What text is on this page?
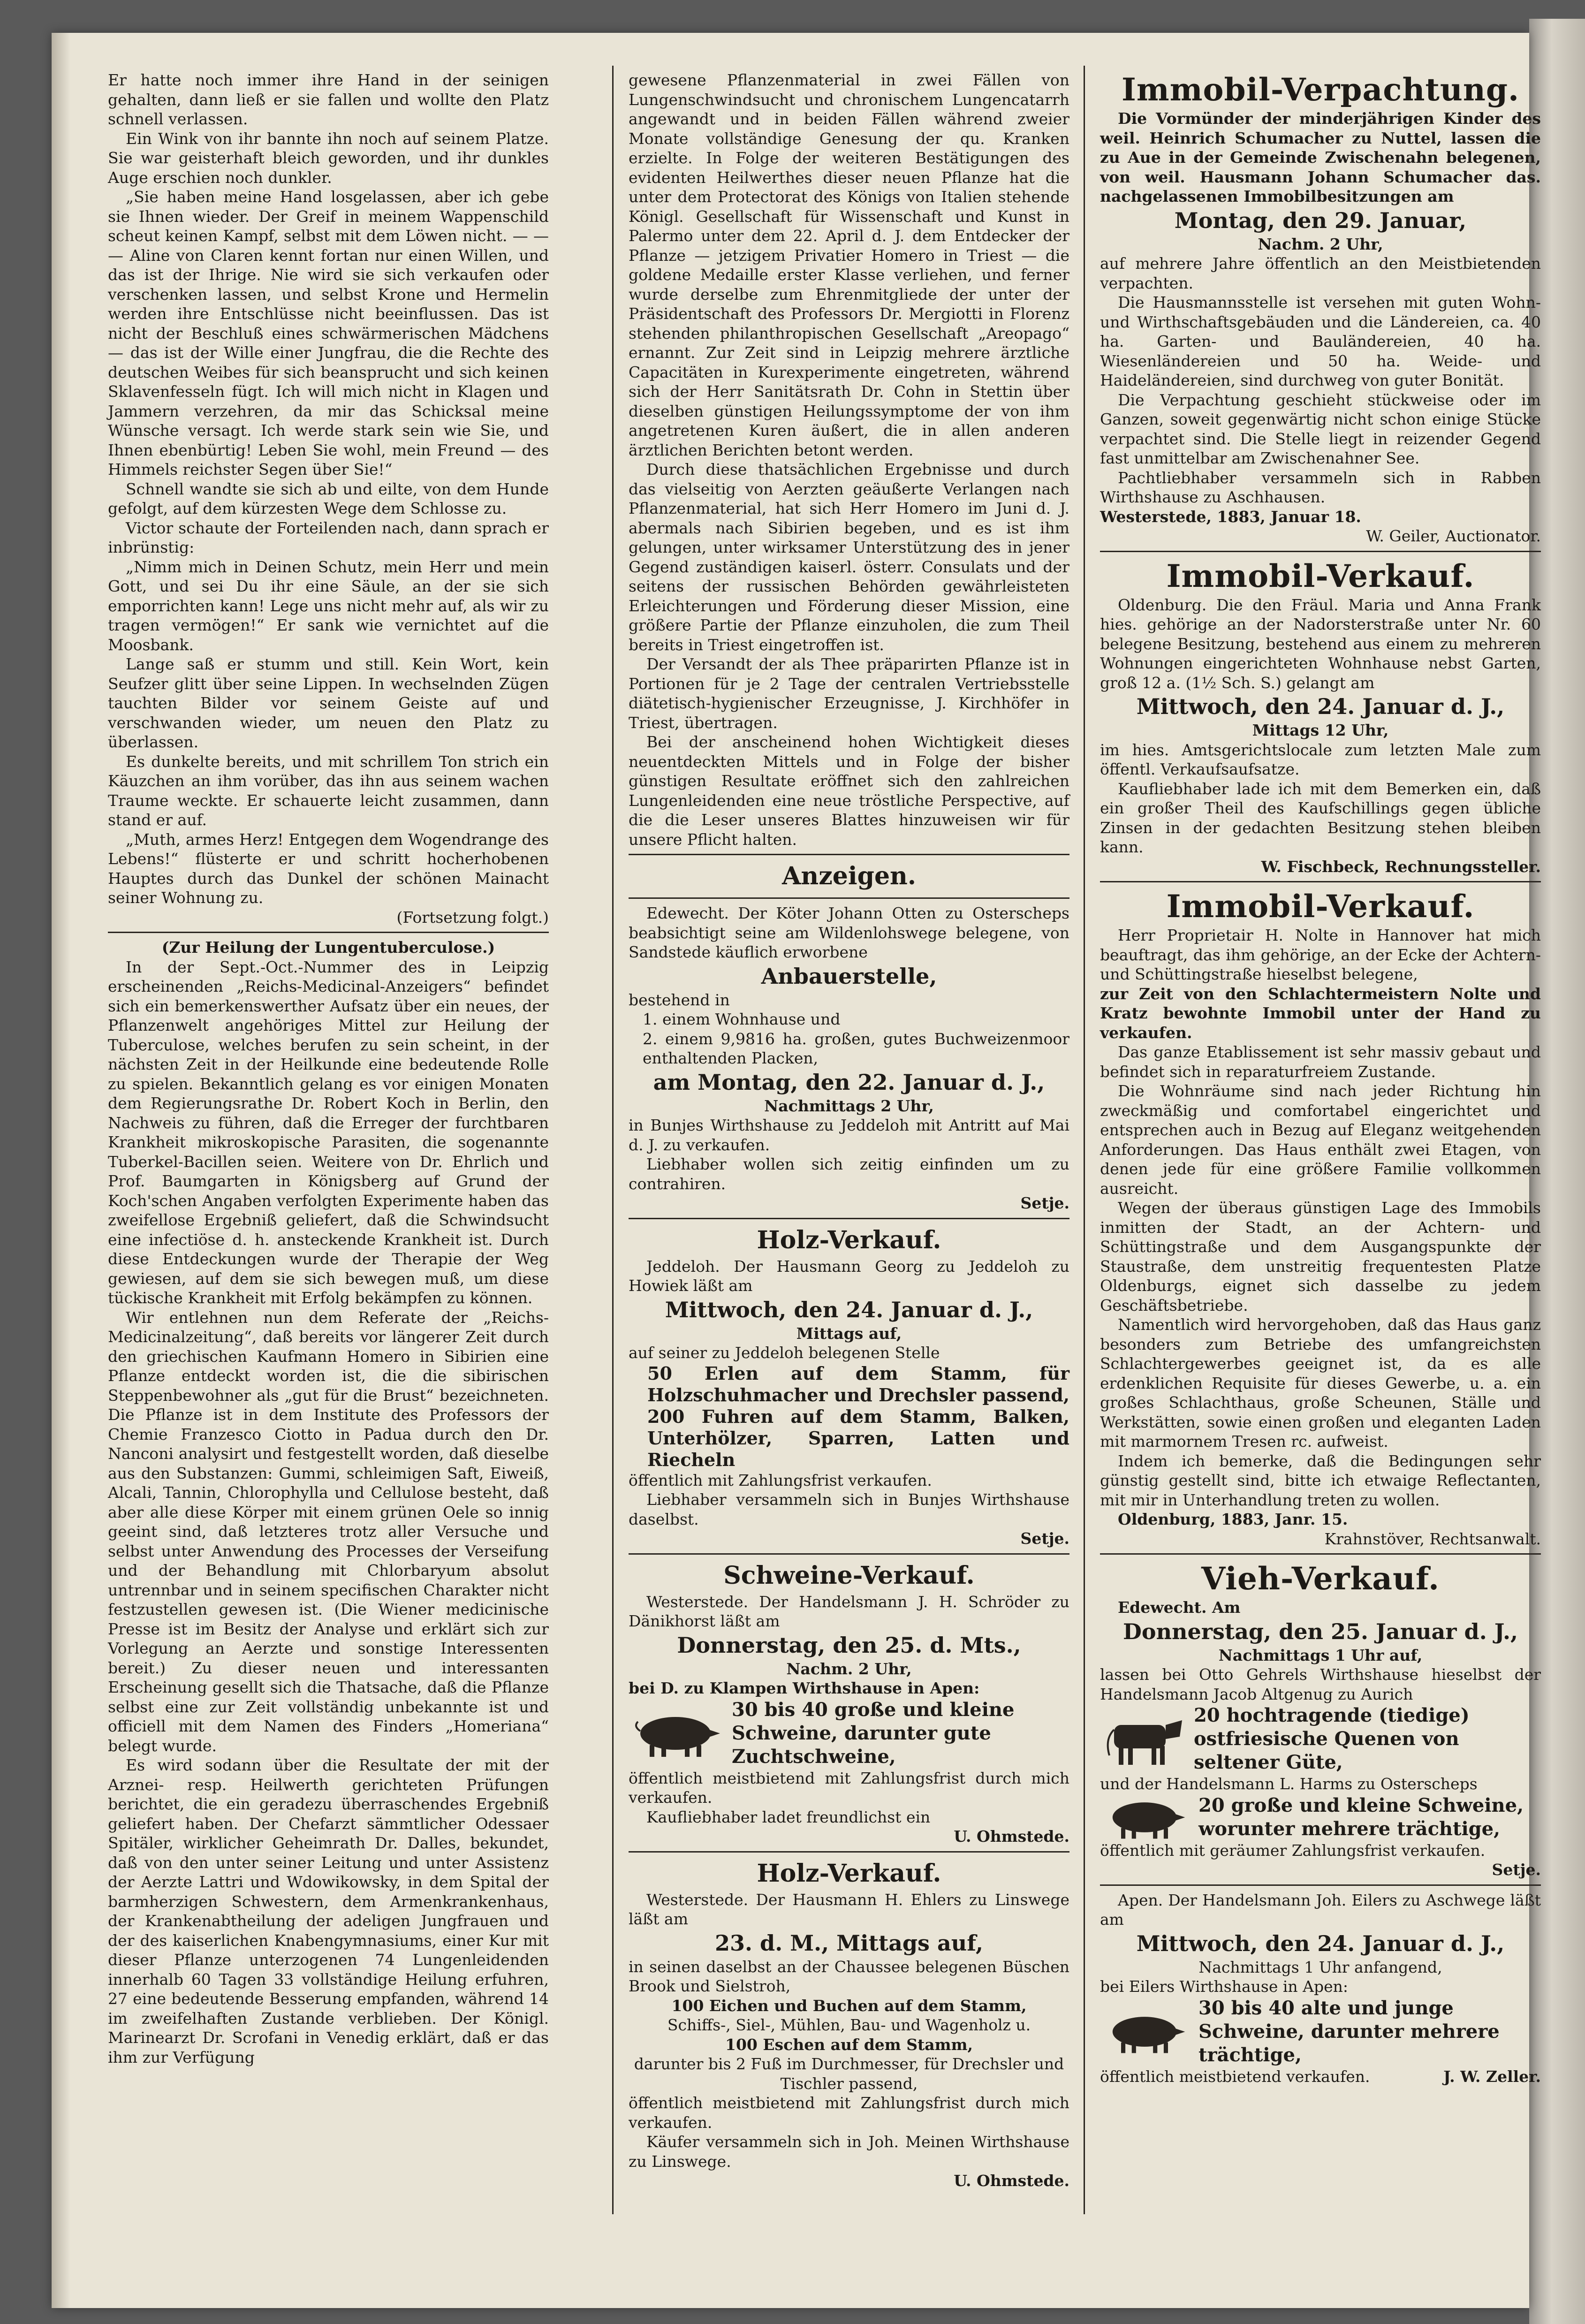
Er hatte noch immer ihre Hand in der seinigen gehalten, dann ließ er sie fallen und wollte den Platz schnell verlassen.

Ein Wink von ihr bannte ihn noch auf seinem Platze. Sie war geisterhaft bleich geworden, und ihr dunkles Auge erschien noch dunkler.

„Sie haben meine Hand losgelassen, aber ich gebe sie Ihnen wieder. Der Greif in meinem Wappenschild scheut keinen Kampf, selbst mit dem Löwen nicht. — — — Aline von Claren kennt fortan nur einen Willen, und das ist der Ihrige. Nie wird sie sich verkaufen oder verschenken lassen, und selbst Krone und Hermelin werden ihre Entschlüsse nicht beeinflussen. Das ist nicht der Beschluß eines schwärmerischen Mädchens — das ist der Wille einer Jungfrau, die die Rechte des deutschen Weibes für sich beansprucht und sich keinen Sklavenfesseln fügt. Ich will mich nicht in Klagen und Jammern verzehren, da mir das Schicksal meine Wünsche versagt. Ich werde stark sein wie Sie, und Ihnen ebenbürtig! Leben Sie wohl, mein Freund — des Himmels reichster Segen über Sie!“

Schnell wandte sie sich ab und eilte, von dem Hunde gefolgt, auf dem kürzesten Wege dem Schlosse zu.

Victor schaute der Forteilenden nach, dann sprach er inbrünstig:

„Nimm mich in Deinen Schutz, mein Herr und mein Gott, und sei Du ihr eine Säule, an der sie sich emporrichten kann! Lege uns nicht mehr auf, als wir zu tragen vermögen!“ Er sank wie vernichtet auf die Moosbank.

Lange saß er stumm und still. Kein Wort, kein Seufzer glitt über seine Lippen. In wechselnden Zügen tauchten Bilder vor seinem Geiste auf und verschwanden wieder, um neuen den Platz zu überlassen.

Es dunkelte bereits, und mit schrillem Ton strich ein Käuzchen an ihm vorüber, das ihn aus seinem wachen Traume weckte. Er schauerte leicht zusammen, dann stand er auf.

„Muth, armes Herz! Entgegen dem Wogendrange des Lebens!“ flüsterte er und schritt hocherhobenen Hauptes durch das Dunkel der schönen Mainacht seiner Wohnung zu.

(Fortsetzung folgt.)

(Zur Heilung der Lungentuberculose.)

In der Sept.-Oct.-Nummer des in Leipzig erscheinenden „Reichs-Medicinal-Anzeigers“ befindet sich ein bemerkenswerther Aufsatz über ein neues, der Pflanzenwelt angehöriges Mittel zur Heilung der Tuberculose, welches berufen zu sein scheint, in der nächsten Zeit in der Heilkunde eine bedeutende Rolle zu spielen. Bekanntlich gelang es vor einigen Monaten dem Regierungsrathe Dr. Robert Koch in Berlin, den Nachweis zu führen, daß die Erreger der furchtbaren Krankheit mikroskopische Parasiten, die sogenannte Tuberkel-Bacillen seien. Weitere von Dr. Ehrlich und Prof. Baumgarten in Königsberg auf Grund der Koch'schen Angaben verfolgten Experimente haben das zweifellose Ergebniß geliefert, daß die Schwindsucht eine infectiöse d. h. ansteckende Krankheit ist. Durch diese Entdeckungen wurde der Therapie der Weg gewiesen, auf dem sie sich bewegen muß, um diese tückische Krankheit mit Erfolg bekämpfen zu können.

Wir entlehnen nun dem Referate der „Reichs-Medicinalzeitung“, daß bereits vor längerer Zeit durch den griechischen Kaufmann Homero in Sibirien eine Pflanze entdeckt worden ist, die die sibirischen Steppenbewohner als „gut für die Brust“ bezeichneten. Die Pflanze ist in dem Institute des Professors der Chemie Franzesco Ciotto in Padua durch den Dr. Nanconi analysirt und festgestellt worden, daß dieselbe aus den Substanzen: Gummi, schleimigen Saft, Eiweiß, Alcali, Tannin, Chlorophylla und Cellulose besteht, daß aber alle diese Körper mit einem grünen Oele so innig geeint sind, daß letzteres trotz aller Versuche und selbst unter Anwendung des Processes der Verseifung und der Behandlung mit Chlorbaryum absolut untrennbar und in seinem specifischen Charakter nicht festzustellen gewesen ist. (Die Wiener medicinische Presse ist im Besitz der Analyse und erklärt sich zur Vorlegung an Aerzte und sonstige Interessenten bereit.) Zu dieser neuen und interessanten Erscheinung gesellt sich die Thatsache, daß die Pflanze selbst eine zur Zeit vollständig unbekannte ist und officiell mit dem Namen des Finders „Homeriana“ belegt wurde.

Es wird sodann über die Resultate der mit der Arznei- resp. Heilwerth gerichteten Prüfungen berichtet, die ein geradezu überraschendes Ergebniß geliefert haben. Der Chefarzt sämmtlicher Odessaer Spitäler, wirklicher Geheimrath Dr. Dalles, bekundet, daß von den unter seiner Leitung und unter Assistenz der Aerzte Lattri und Wdowikowsky, in dem Spital der barmherzigen Schwestern, dem Armenkrankenhaus, der Krankenabtheilung der adeligen Jungfrauen und der des kaiserlichen Knabengymnasiums, einer Kur mit dieser Pflanze unterzogenen 74 Lungenleidenden innerhalb 60 Tagen 33 vollständige Heilung erfuhren, 27 eine bedeutende Besserung empfanden, während 14 im zweifelhaften Zustande verblieben. Der Königl. Marinearzt Dr. Scrofani in Venedig erklärt, daß er das ihm zur Verfügung

gewesene Pflanzenmaterial in zwei Fällen von Lungenschwindsucht und chronischem Lungencatarrh angewandt und in beiden Fällen während zweier Monate vollständige Genesung der qu. Kranken erzielte. In Folge der weiteren Bestätigungen des evidenten Heilwerthes dieser neuen Pflanze hat die unter dem Protectorat des Königs von Italien stehende Königl. Gesellschaft für Wissenschaft und Kunst in Palermo unter dem 22. April d. J. dem Entdecker der Pflanze — jetzigem Privatier Homero in Triest — die goldene Medaille erster Klasse verliehen, und ferner wurde derselbe zum Ehrenmitgliede der unter der Präsidentschaft des Professors Dr. Mergiotti in Florenz stehenden philanthropischen Gesellschaft „Areopago“ ernannt. Zur Zeit sind in Leipzig mehrere ärztliche Capacitäten in Kurexperimente eingetreten, während sich der Herr Sanitätsrath Dr. Cohn in Stettin über dieselben günstigen Heilungssymptome der von ihm angetretenen Kuren äußert, die in allen anderen ärztlichen Berichten betont werden.

Durch diese thatsächlichen Ergebnisse und durch das vielseitig von Aerzten geäußerte Verlangen nach Pflanzenmaterial, hat sich Herr Homero im Juni d. J. abermals nach Sibirien begeben, und es ist ihm gelungen, unter wirksamer Unterstützung des in jener Gegend zuständigen kaiserl. österr. Consulats und der seitens der russischen Behörden gewährleisteten Erleichterungen und Förderung dieser Mission, eine größere Partie der Pflanze einzuholen, die zum Theil bereits in Triest eingetroffen ist.

Der Versandt der als Thee präparirten Pflanze ist in Portionen für je 2 Tage der centralen Vertriebsstelle diätetisch-hygienischer Erzeugnisse, J. Kirchhöfer in Triest, übertragen.

Bei der anscheinend hohen Wichtigkeit dieses neuentdeckten Mittels und in Folge der bisher günstigen Resultate eröffnet sich den zahlreichen Lungenleidenden eine neue tröstliche Perspective, auf die die Leser unseres Blattes hinzuweisen wir für unsere Pflicht halten.

Anzeigen.

Edewecht. Der Köter Johann Otten zu Osterscheps beabsichtigt seine am Wildenlohswege belegene, von Sandstede käuflich erworbene

Anbauerstelle,

bestehend in

1. einem Wohnhause und

2. einem 9,9816 ha. großen, gutes Buchweizenmoor enthaltenden Placken,

am Montag, den 22. Januar d. J.,

Nachmittags 2 Uhr,

in Bunjes Wirthshause zu Jeddeloh mit Antritt auf Mai d. J. zu verkaufen.

Liebhaber wollen sich zeitig einfinden um zu contrahiren.

Setje.

Holz-Verkauf.

Jeddeloh. Der Hausmann Georg zu Jeddeloh zu Howiek läßt am

Mittwoch, den 24. Januar d. J.,

Mittags auf,

auf seiner zu Jeddeloh belegenen Stelle

50 Erlen auf dem Stamm, für Holzschuhmacher und Drechsler passend, 200 Fuhren auf dem Stamm, Balken, Unterhölzer, Sparren, Latten und Riecheln

öffentlich mit Zahlungsfrist verkaufen.

Liebhaber versammeln sich in Bunjes Wirthshause daselbst.

Setje.

Schweine-Verkauf.

Westerstede. Der Handelsmann J. H. Schröder zu Dänikhorst läßt am

Donnerstag, den 25. d. Mts.,

Nachm. 2 Uhr,

bei D. zu Klampen Wirthshause in Apen:

30 bis 40 große und kleine Schweine, darunter gute Zuchtschweine,

öffentlich meistbietend mit Zahlungsfrist durch mich verkaufen.

Kaufliebhaber ladet freundlichst ein

U. Ohmstede.

Holz-Verkauf.

Westerstede. Der Hausmann H. Ehlers zu Linswege läßt am

23. d. M., Mittags auf,

in seinen daselbst an der Chaussee belegenen Büschen Brook und Sielstroh,

100 Eichen und Buchen auf dem Stamm,

Schiffs-, Siel-, Mühlen, Bau- und Wagenholz u.

100 Eschen auf dem Stamm,

darunter bis 2 Fuß im Durchmesser, für Drechsler und Tischler passend,

öffentlich meistbietend mit Zahlungsfrist durch mich verkaufen.

Käufer versammeln sich in Joh. Meinen Wirthshause zu Linswege.

U. Ohmstede.

Immobil-Verpachtung.

Die Vormünder der minderjährigen Kinder des weil. Heinrich Schumacher zu Nuttel, lassen die zu Aue in der Gemeinde Zwischenahn belegenen, von weil. Hausmann Johann Schumacher das. nachgelassenen Immobilbesitzungen am

Montag, den 29. Januar,

Nachm. 2 Uhr,

auf mehrere Jahre öffentlich an den Meistbietenden verpachten.

Die Hausmannsstelle ist versehen mit guten Wohn- und Wirthschaftsgebäuden und die Ländereien, ca. 40 ha. Garten- und Bauländereien, 40 ha. Wiesenländereien und 50 ha. Weide- und Haideländereien, sind durchweg von guter Bonität.

Die Verpachtung geschieht stückweise oder im Ganzen, soweit gegenwärtig nicht schon einige Stücke verpachtet sind. Die Stelle liegt in reizender Gegend fast unmittelbar am Zwischenahner See.

Pachtliebhaber versammeln sich in Rabben Wirthshause zu Aschhausen.

Westerstede, 1883, Januar 18.

W. Geiler, Auctionator.

Immobil-Verkauf.

Oldenburg. Die den Fräul. Maria und Anna Frank hies. gehörige an der Nadorsterstraße unter Nr. 60 belegene Besitzung, bestehend aus einem zu mehreren Wohnungen eingerichteten Wohnhause nebst Garten, groß 12 a. (1½ Sch. S.) gelangt am

Mittwoch, den 24. Januar d. J.,

Mittags 12 Uhr,

im hies. Amtsgerichtslocale zum letzten Male zum öffentl. Verkaufsaufsatze.

Kaufliebhaber lade ich mit dem Bemerken ein, daß ein großer Theil des Kaufschillings gegen übliche Zinsen in der gedachten Besitzung stehen bleiben kann.

W. Fischbeck, Rechnungssteller.

Immobil-Verkauf.

Herr Proprietair H. Nolte in Hannover hat mich beauftragt, das ihm gehörige, an der Ecke der Achtern- und Schüttingstraße hieselbst belegene,

zur Zeit von den Schlachtermeistern Nolte und Kratz bewohnte Immobil unter der Hand zu verkaufen.

Das ganze Etablissement ist sehr massiv gebaut und befindet sich in reparaturfreiem Zustande.

Die Wohnräume sind nach jeder Richtung hin zweckmäßig und comfortabel eingerichtet und entsprechen auch in Bezug auf Eleganz weitgehenden Anforderungen. Das Haus enthält zwei Etagen, von denen jede für eine größere Familie vollkommen ausreicht.

Wegen der überaus günstigen Lage des Immobils inmitten der Stadt, an der Achtern- und Schüttingstraße und dem Ausgangspunkte der Staustraße, dem unstreitig frequentesten Platze Oldenburgs, eignet sich dasselbe zu jedem Geschäftsbetriebe.

Namentlich wird hervorgehoben, daß das Haus ganz besonders zum Betriebe des umfangreichsten Schlachtergewerbes geeignet ist, da es alle erdenklichen Requisite für dieses Gewerbe, u. a. ein großes Schlachthaus, große Scheunen, Ställe und Werkstätten, sowie einen großen und eleganten Laden mit marmornem Tresen rc. aufweist.

Indem ich bemerke, daß die Bedingungen sehr günstig gestellt sind, bitte ich etwaige Reflectanten, mit mir in Unterhandlung treten zu wollen.

Oldenburg, 1883, Janr. 15.

Krahnstöver, Rechtsanwalt.

Vieh-Verkauf.

Edewecht. Am

Donnerstag, den 25. Januar d. J.,

Nachmittags 1 Uhr auf,

lassen bei Otto Gehrels Wirthshause hieselbst der Handelsmann Jacob Altgenug zu Aurich

20 hochtragende (tiedige) ostfriesische Quenen von seltener Güte,

und der Handelsmann L. Harms zu Osterscheps

20 große und kleine Schweine, worunter mehrere trächtige,

öffentlich mit geräumer Zahlungsfrist verkaufen.

Setje.

Apen. Der Handelsmann Joh. Eilers zu Aschwege läßt am

Mittwoch, den 24. Januar d. J.,

Nachmittags 1 Uhr anfangend,

bei Eilers Wirthshause in Apen:

30 bis 40 alte und junge Schweine, darunter mehrere trächtige,
öffentlich meistbietend verkaufen.	J. W. Zeller.
